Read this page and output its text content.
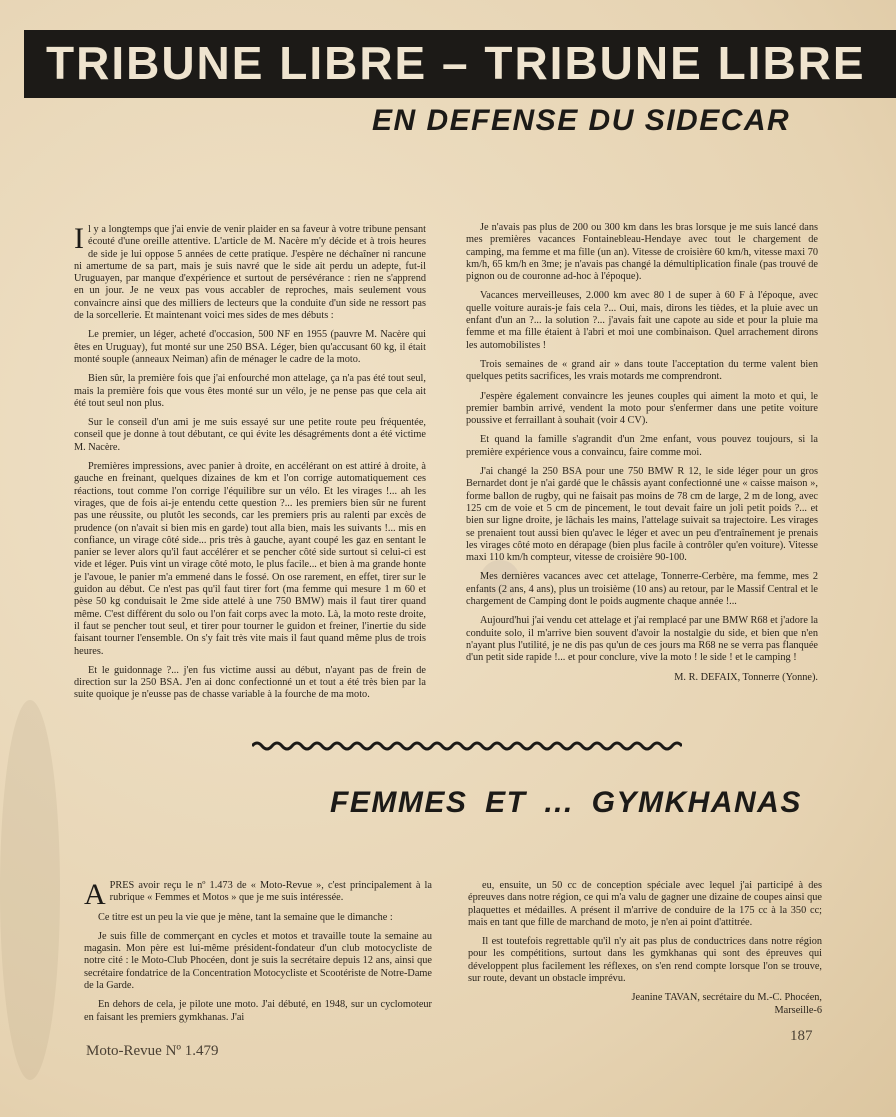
TRIBUNE LIBRE – TRIBUNE LIBRE
EN DEFENSE DU SIDECAR

Il y a longtemps que j'ai envie de venir plaider en sa faveur à votre tribune pensant écouté d'une oreille attentive. L'article de M. Nacère m'y décide et à trois heures de side je lui oppose 5 années de cette pratique. J'espère ne déchaîner ni rancune ni amertume de sa part, mais je suis navré que le side ait perdu un adepte, fut-il Uruguayen, par manque d'expérience et surtout de persévérance : rien ne s'apprend en un jour. Je ne veux pas vous accabler de reproches, mais seulement vous convaincre ainsi que des milliers de lecteurs que la conduite d'un side ne ressort pas de la sorcellerie. Et maintenant voici mes sides de mes débuts :

Le premier, un léger, acheté d'occasion, 500 NF en 1955 (pauvre M. Nacère qui êtes en Uruguay), fut monté sur une 250 BSA. Léger, bien qu'accusant 60 kg, il était monté souple (anneaux Neiman) afin de ménager le cadre de la moto.

Bien sûr, la première fois que j'ai enfourché mon attelage, ça n'a pas été tout seul, mais la première fois que vous êtes monté sur un vélo, je ne pense pas que cela ait été tout seul non plus.

Sur le conseil d'un ami je me suis essayé sur une petite route peu fréquentée, conseil que je donne à tout débutant, ce qui évite les désagréments dont a été victime M. Nacère.

Premières impressions, avec panier à droite, en accélérant on est attiré à droite, à gauche en freinant, quelques dizaines de km et l'on corrige automatiquement ces réactions, tout comme l'on corrige l'équilibre sur un vélo. Et les virages !... ah les virages, que de fois ai-je entendu cette question ?... les premiers bien sûr ne furent pas une réussite, ou plutôt les seconds, car les premiers pris au ralenti par excès de prudence (on n'avait si bien mis en garde) tout alla bien, mais les suivants !... mis en confiance, un virage côté side... pris très à gauche, ayant coupé les gaz en sentant le panier se lever alors qu'il faut accélérer et se pencher côté side surtout si celui-ci est vide et léger. Puis vint un virage côté moto, le plus facile... et bien à ma grande honte je l'avoue, le panier m'a emmené dans le fossé. On ose rarement, en effet, tirer sur le guidon au début. Ce n'est pas qu'il faut tirer fort (ma femme qui mesure 1 m 60 et pèse 50 kg conduisait le 2me side attelé à une 750 BMW) mais il faut tirer quand même. C'est différent du solo ou l'on fait corps avec la moto. Là, la moto reste droite, il faut se pencher tout seul, et tirer pour tourner le guidon et freiner, l'inertie du side faisant tourner l'ensemble. On s'y fait très vite mais il faut quand même plus de trois heures.

Et le guidonnage ?... j'en fus victime aussi au début, n'ayant pas de frein de direction sur la 250 BSA. J'en ai donc confectionné un et tout a été très bien par la suite quoique je n'eusse pas de chasse variable à la fourche de ma moto.

Je n'avais pas plus de 200 ou 300 km dans les bras lorsque je me suis lancé dans mes premières vacances Fontainebleau-Hendaye avec tout le chargement de camping, ma femme et ma fille (un an). Vitesse de croisière 60 km/h, vitesse maxi 70 km/h, 65 km/h en 3me; je n'avais pas changé la démultiplication finale (pas trouvé de pignon ou de couronne ad-hoc à l'époque).

Vacances merveilleuses, 2.000 km avec 80 l de super à 60 F à l'époque, avec quelle voiture aurais-je fais cela ?... Oui, mais, dirons les tièdes, et la pluie avec un enfant d'un an ?... la solution ?... j'avais fait une capote au side et pour la pluie ma femme et ma fille étaient à l'abri et moi une combinaison. Quel arrachement dirons les automobilistes !

Trois semaines de « grand air » dans toute l'acceptation du terme valent bien quelques petits sacrifices, les vrais motards me comprendront.

J'espère également convaincre les jeunes couples qui aiment la moto et qui, le premier bambin arrivé, vendent la moto pour s'enfermer dans une petite voiture poussive et ferraillant à souhait (voir 4 CV).

Et quand la famille s'agrandit d'un 2me enfant, vous pouvez toujours, si la première expérience vous a convaincu, faire comme moi.

J'ai changé la 250 BSA pour une 750 BMW R 12, le side léger pour un gros Bernardet dont je n'ai gardé que le châssis ayant confectionné une « caisse maison », forme ballon de rugby, qui ne faisait pas moins de 78 cm de large, 2 m de long, avec 125 cm de voie et 5 cm de pincement, le tout devait faire un joli petit poids ?... et bien sur ligne droite, je lâchais les mains, l'attelage suivait sa trajectoire. Les virages se prenaient tout aussi bien qu'avec le léger et avec un peu d'entraînement je prenais les virages côté moto en dérapage (bien plus facile à contrôler qu'en voiture). Vitesse maxi 110 km/h compteur, vitesse de croisière 90-100.

Mes dernières vacances avec cet attelage, Tonnerre-Cerbère, ma femme, mes 2 enfants (2 ans, 4 ans), plus un troisième (10 ans) au retour, par le Massif Central et le chargement de Camping dont le poids augmente chaque année !...

Aujourd'hui j'ai vendu cet attelage et j'ai remplacé par une BMW R68 et j'adore la conduite solo, il m'arrive bien souvent d'avoir la nostalgie du side, et bien que n'en n'ayant plus l'utilité, je ne dis pas qu'un de ces jours ma R68 ne se verra pas flanquée d'un petit side rapide !... et pour conclure, vive la moto ! le side ! et le camping !

M. R. DEFAIX, Tonnerre (Yonne).
FEMMES ET ... GYMKHANAS

APRES avoir reçu le nº 1.473 de « Moto-Revue », c'est principalement à la rubrique « Femmes et Motos » que je me suis intéressée.

Ce titre est un peu la vie que je mène, tant la semaine que le dimanche :

Je suis fille de commerçant en cycles et motos et travaille toute la semaine au magasin. Mon père est lui-même président-fondateur d'un club motocycliste de notre cité : le Moto-Club Phocéen, dont je suis la secrétaire depuis 12 ans, ainsi que secrétaire fondatrice de la Concentration Motocycliste et Scootériste de Notre-Dame de la Garde.

En dehors de cela, je pilote une moto. J'ai débuté, en 1948, sur un cyclomoteur en faisant les premiers gymkhanas. J'ai

eu, ensuite, un 50 cc de conception spéciale avec lequel j'ai participé à des épreuves dans notre région, ce qui m'a valu de gagner une dizaine de coupes ainsi que plaquettes et médailles. A présent il m'arrive de conduire de la 175 cc à la 350 cc; mais en tant que fille de marchand de moto, je n'en ai point d'attitrée.

Il est toutefois regrettable qu'il n'y ait pas plus de conductrices dans notre région pour les compétitions, surtout dans les gymkhanas qui sont des épreuves qui développent plus facilement les réflexes, on s'en rend compte lorsque l'on se trouve, sur route, devant un obstacle imprévu.

Jeanine TAVAN, secrétaire du M.-C. Phocéen,
Marseille-6
Moto-Revue Nº 1.479
187
